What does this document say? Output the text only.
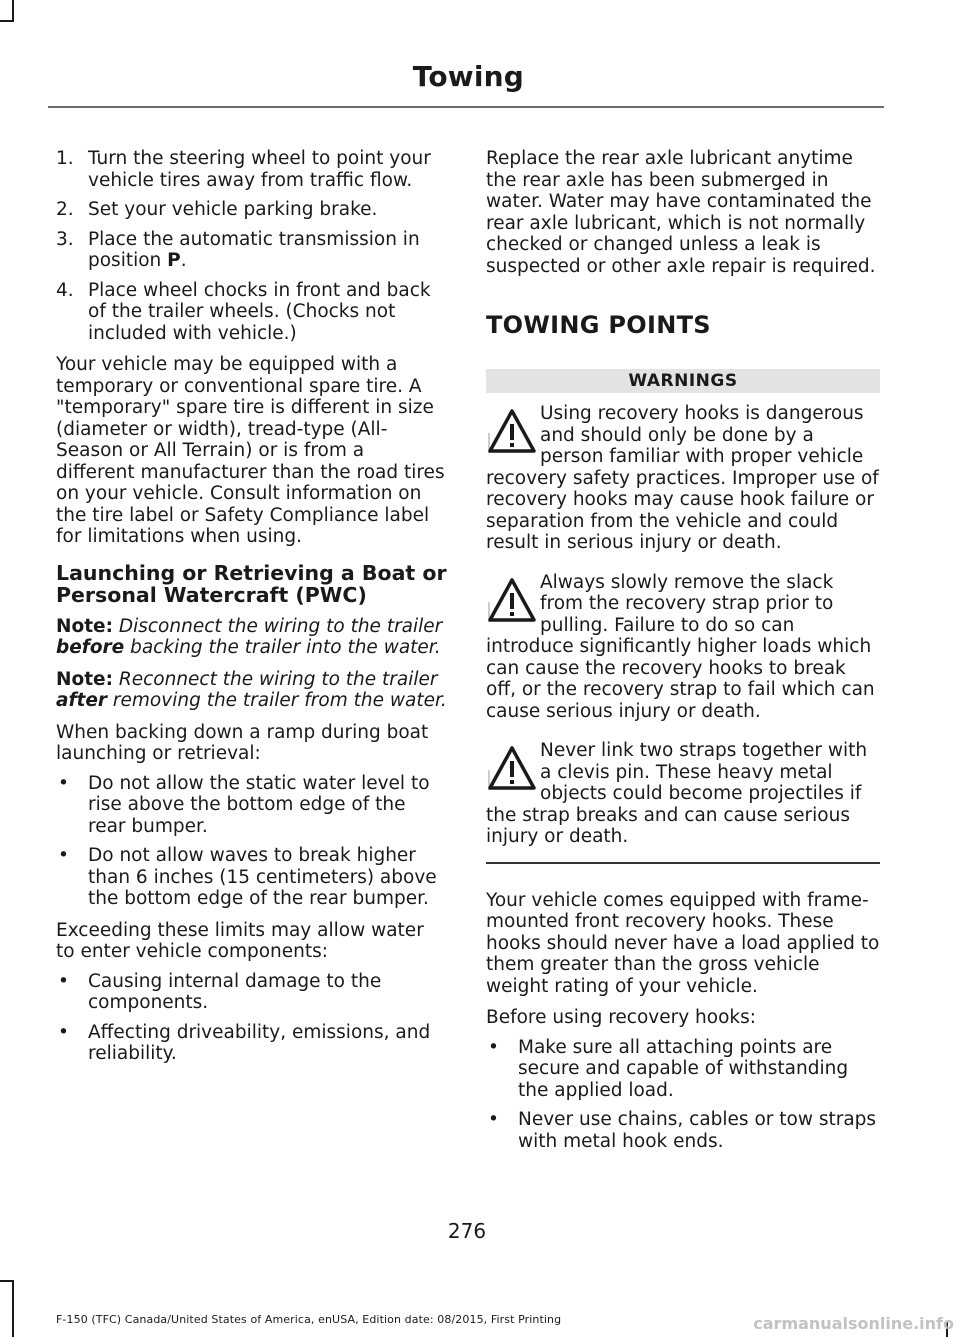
Towing
1. Turn the steering wheel to point your vehicle tires away from traffic flow.
2. Set your vehicle parking brake.
3. Place the automatic transmission in position P.
4. Place wheel chocks in front and back of the trailer wheels. (Chocks not included with vehicle.)

Your vehicle may be equipped with a temporary or conventional spare tire. A "temporary" spare tire is different in size (diameter or width), tread-type (All-Season or All Terrain) or is from a different manufacturer than the road tires on your vehicle. Consult information on the tire label or Safety Compliance label for limitations when using.

Launching or Retrieving a Boat or Personal Watercraft (PWC)

Note: Disconnect the wiring to the trailer before backing the trailer into the water.

Note: Reconnect the wiring to the trailer after removing the trailer from the water.

When backing down a ramp during boat launching or retrieval:

•	Do not allow the static water level to rise above the bottom edge of the rear bumper.
•	Do not allow waves to break higher than 6 inches (15 centimeters) above the bottom edge of the rear bumper.

Exceeding these limits may allow water to enter vehicle components:

•	Causing internal damage to the components.
•	Affecting driveability, emissions, and reliability.

Replace the rear axle lubricant anytime the rear axle has been submerged in water. Water may have contaminated the rear axle lubricant, which is not normally checked or changed unless a leak is suspected or other axle repair is required.

TOWING POINTS
WARNINGS

Using recovery hooks is dangerous and should only be done by a person familiar with proper vehicle recovery safety practices. Improper use of recovery hooks may cause hook failure or separation from the vehicle and could result in serious injury or death.

Always slowly remove the slack from the recovery strap prior to pulling. Failure to do so can introduce significantly higher loads which can cause the recovery hooks to break off, or the recovery strap to fail which can cause serious injury or death.

Never link two straps together with a clevis pin. These heavy metal objects could become projectiles if the strap breaks and can cause serious injury or death.

Your vehicle comes equipped with frame-mounted front recovery hooks. These hooks should never have a load applied to them greater than the gross vehicle weight rating of your vehicle.

Before using recovery hooks:

•	Make sure all attaching points are secure and capable of withstanding the applied load.
•	Never use chains, cables or tow straps with metal hook ends.
276
F-150 (TFC) Canada/United States of America, enUSA, Edition date: 08/2015, First Printing	carmanualsonline.info
